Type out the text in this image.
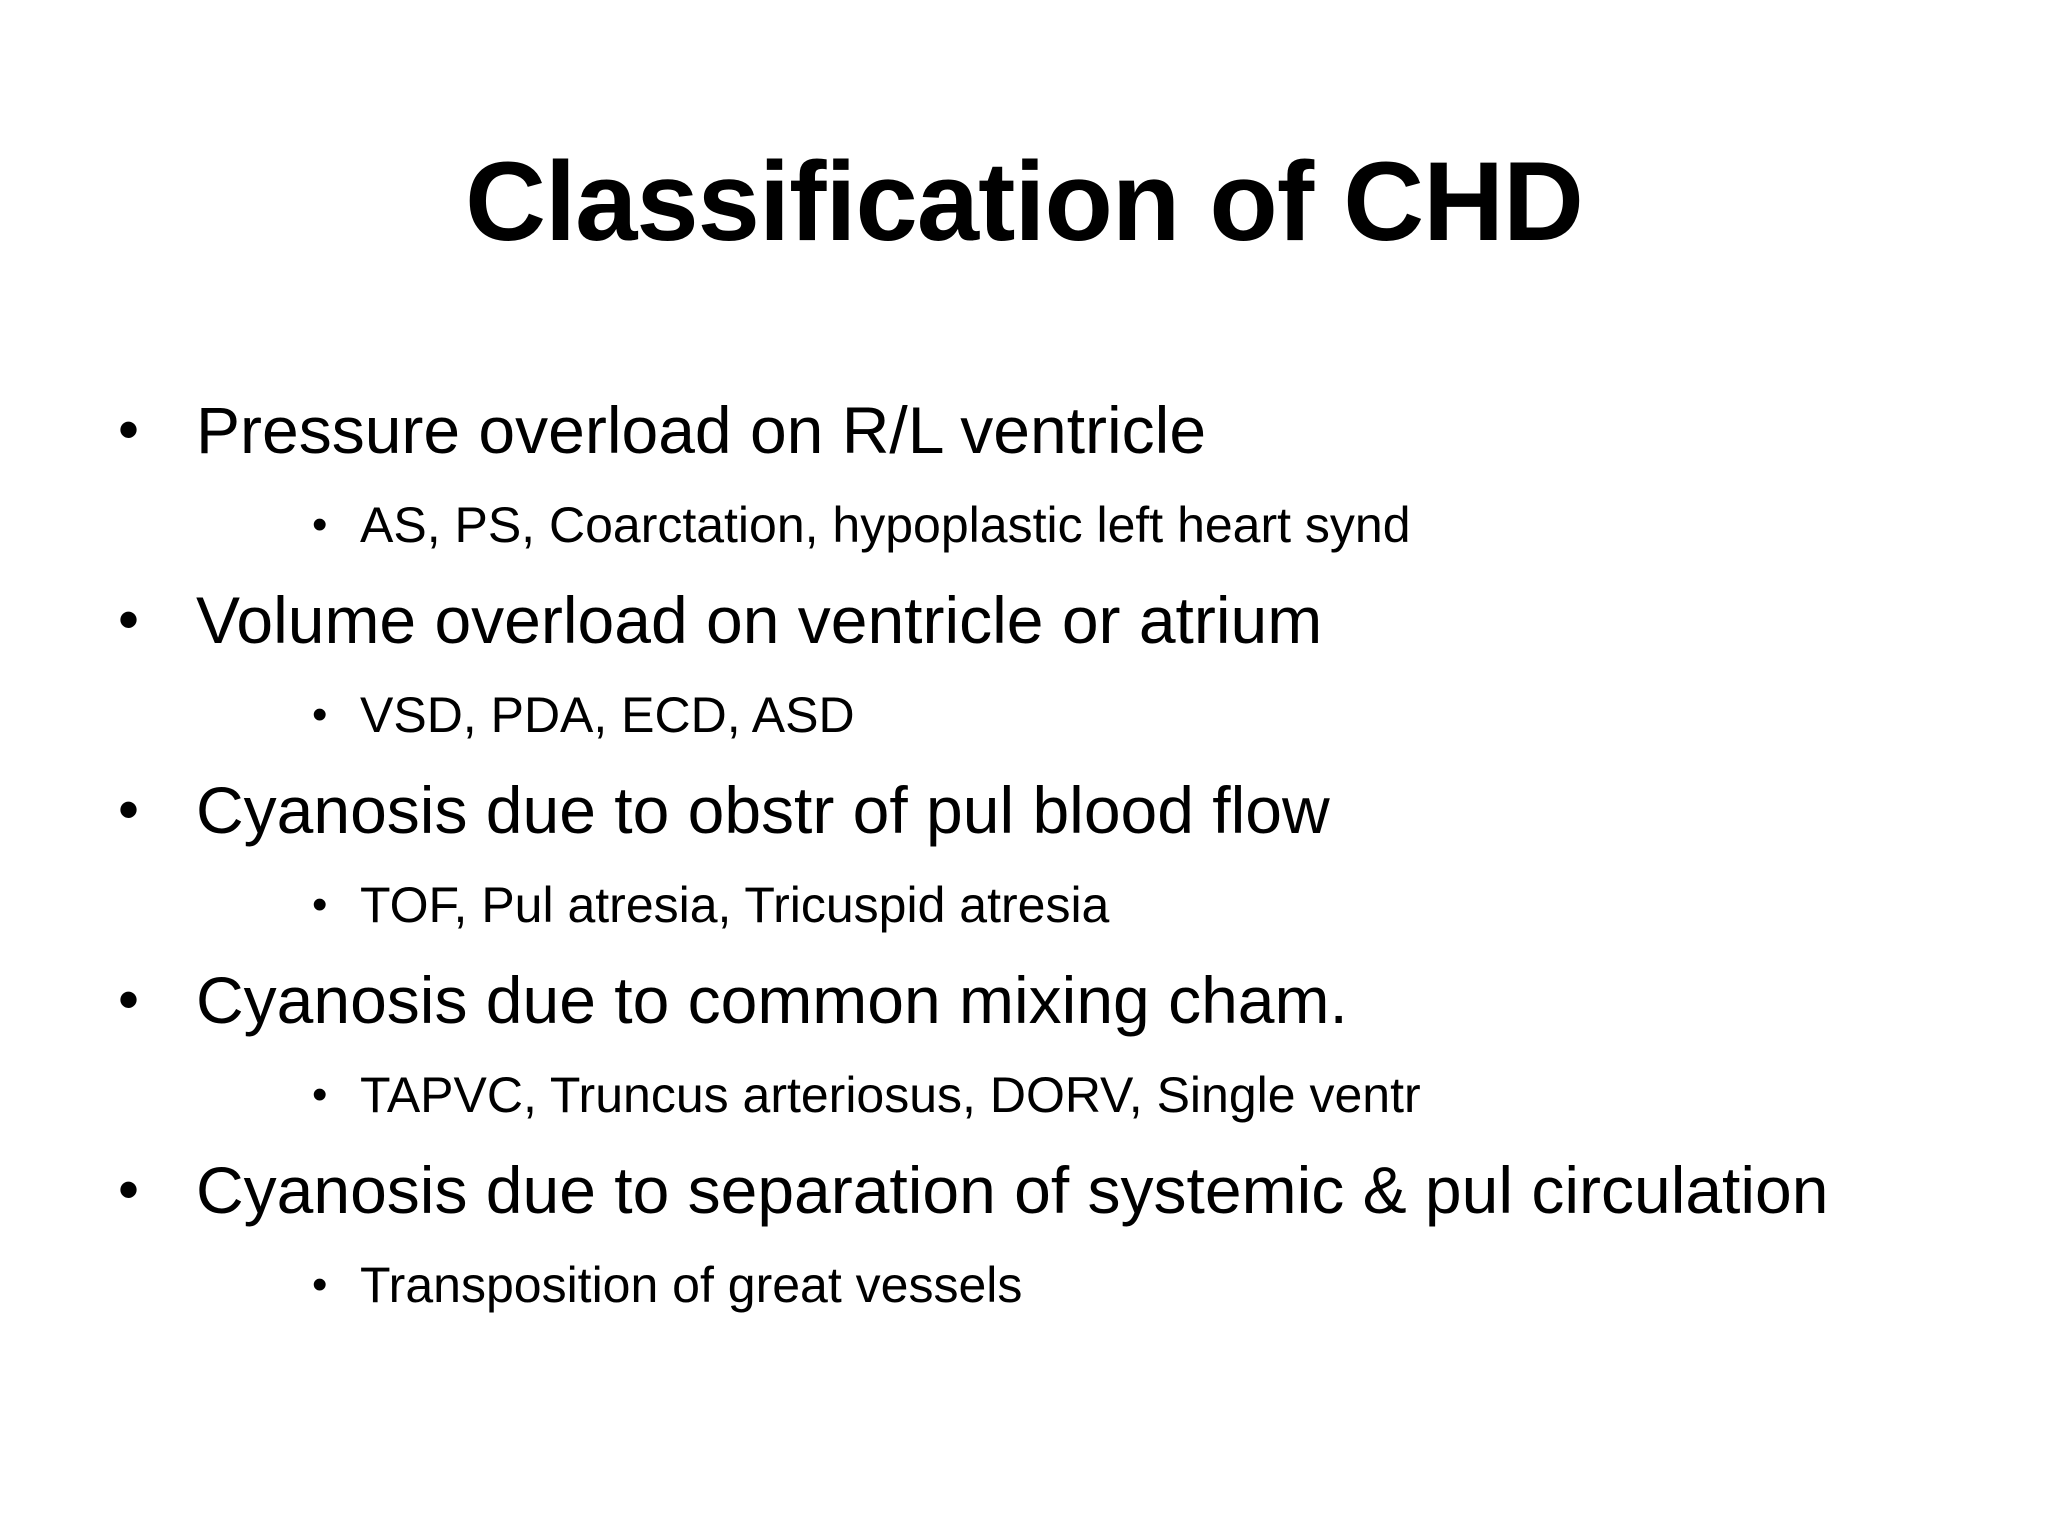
Classification of CHD
• Pressure overload on R/L ventricle
• AS, PS, Coarctation, hypoplastic left heart synd
• Volume overload on ventricle or atrium
• VSD, PDA, ECD, ASD
• Cyanosis due to obstr of pul blood flow
• TOF, Pul atresia, Tricuspid atresia
• Cyanosis due to common mixing cham.
• TAPVC, Truncus arteriosus, DORV, Single ventr
• Cyanosis due to separation of systemic & pul circulation
• Transposition of great vessels
